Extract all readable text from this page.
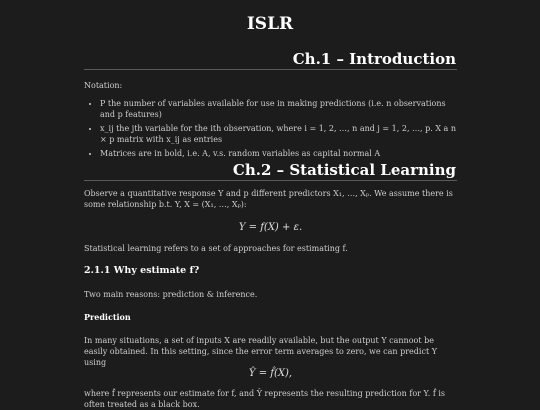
ISLR
Ch.1 – Introduction
Notation:
• P the number of variables available for use in making predictions (i.e. n observations and p features)
• x_ij the jth variable for the ith observation, where i = 1, 2, …, n and j = 1, 2, …, p. X a n × p matrix with x_ij as entries
• Matrices are in bold, i.e. A, v.s. random variables as capital normal A
Ch.2 – Statistical Learning
Observe a quantitative response Y and p different predictors X₁, …, Xₚ. We assume there is some relationship b.t. Y, X = (X₁, …, Xₚ):
Y = f(X) + ε.
Statistical learning refers to a set of approaches for estimating f.
2.1.1 Why estimate f?
Two main reasons: prediction & inference.
Prediction
In many situations, a set of inputs X are readily available, but the output Y cannoot be easily obtained. In this setting, since the error term averages to zero, we can predict Y using
Ŷ = f̂(X),
where f̂ represents our estimate for f, and Ŷ represents the resulting prediction for Y. f̂ is often treated as a black box.
